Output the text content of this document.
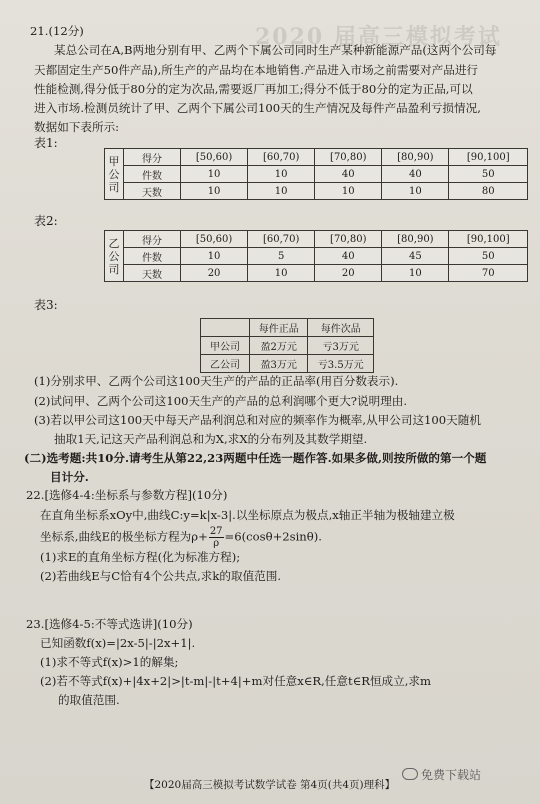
2020 届高三模拟考试
21.(12分)
某总公司在A,B两地分别有甲、乙两个下属公司同时生产某种新能源产品(这两个公司每
天都固定生产50件产品),所生产的产品均在本地销售.产品进入市场之前需要对产品进行
性能检测,得分低于80分的定为次品,需要返厂再加工;得分不低于80分的定为正品,可以
进入市场.检测员统计了甲、乙两个下属公司100天的生产情况及每件产品盈利亏损情况,
数据如下表所示:
表1:
甲公司	得分	[50,60)	[60,70)	[70,80)	[80,90)	[90,100]
	件数	10	10	40	40	50
	天数	10	10	10	10	80
表2:
乙公司	得分	[50,60)	[60,70)	[70,80)	[80,90)	[90,100]
	件数	10	5	40	45	50
	天数	20	10	20	10	70
表3:
	每件正品	每件次品
甲公司	盈2万元	亏3万元
乙公司	盈3万元	亏3.5万元
(1)分别求甲、乙两个公司这100天生产的产品的正品率(用百分数表示).
(2)试问甲、乙两个公司这100天生产的产品的总利润哪个更大?说明理由.
(3)若以甲公司这100天中每天产品利润总和对应的频率作为概率,从甲公司这100天随机
抽取1天,记这天产品利润总和为X,求X的分布列及其数学期望.
(二)选考题:共10分.请考生从第22,23两题中任选一题作答.如果多做,则按所做的第一个题
目计分.
22.[选修4-4:坐标系与参数方程](10分)
在直角坐标系xOy中,曲线C:y=k|x-3|.以坐标原点为极点,x轴正半轴为极轴建立极
坐标系,曲线E的极坐标方程为$\rho+ \frac{27}{\rho} =6(\cos\theta+2\sin\theta)$.
(1)求E的直角坐标方程(化为标准方程);
(2)若曲线E与C恰有4个公共点,求k的取值范围.
23.[选修4-5:不等式选讲](10分)
已知函数f(x)=|2x-5|-|2x+1|.
(1)求不等式f(x)>1的解集;
(2)若不等式f(x)+|4x+2|>|t-m|-|t+4|+m对任意x∈R,任意t∈R恒成立,求m
的取值范围.
【2020届高三模拟考试数学试卷 第4页(共4页)理科】
免费下载站
